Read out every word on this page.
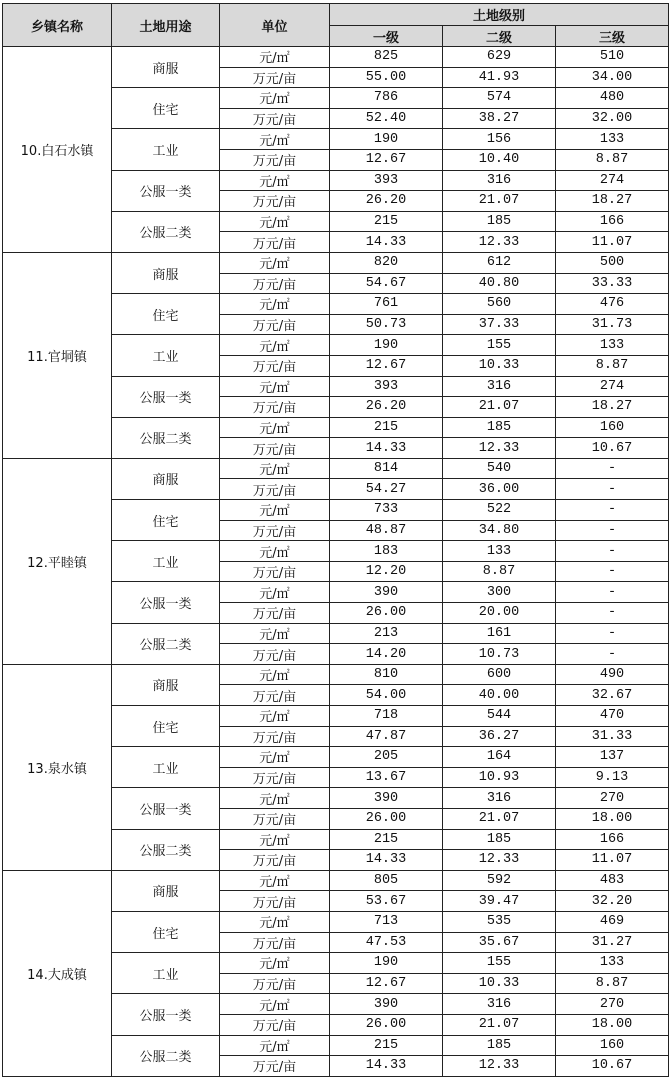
乡镇名称	土地用途	单位	土地级别		
			一级	二级	三级
10.白石水镇	商服	元/㎡	825	629	510
		万元/亩	55.00	41.93	34.00
	住宅	元/㎡	786	574	480
		万元/亩	52.40	38.27	32.00
	工业	元/㎡	190	156	133
		万元/亩	12.67	10.40	8.87
	公服一类	元/㎡	393	316	274
		万元/亩	26.20	21.07	18.27
	公服二类	元/㎡	215	185	166
		万元/亩	14.33	12.33	11.07
11.官垌镇	商服	元/㎡	820	612	500
		万元/亩	54.67	40.80	33.33
	住宅	元/㎡	761	560	476
		万元/亩	50.73	37.33	31.73
	工业	元/㎡	190	155	133
		万元/亩	12.67	10.33	8.87
	公服一类	元/㎡	393	316	274
		万元/亩	26.20	21.07	18.27
	公服二类	元/㎡	215	185	160
		万元/亩	14.33	12.33	10.67
12.平睦镇	商服	元/㎡	814	540	-
		万元/亩	54.27	36.00	-
	住宅	元/㎡	733	522	-
		万元/亩	48.87	34.80	-
	工业	元/㎡	183	133	-
		万元/亩	12.20	8.87	-
	公服一类	元/㎡	390	300	-
		万元/亩	26.00	20.00	-
	公服二类	元/㎡	213	161	-
		万元/亩	14.20	10.73	-
13.泉水镇	商服	元/㎡	810	600	490
		万元/亩	54.00	40.00	32.67
	住宅	元/㎡	718	544	470
		万元/亩	47.87	36.27	31.33
	工业	元/㎡	205	164	137
		万元/亩	13.67	10.93	9.13
	公服一类	元/㎡	390	316	270
		万元/亩	26.00	21.07	18.00
	公服二类	元/㎡	215	185	166
		万元/亩	14.33	12.33	11.07
14.大成镇	商服	元/㎡	805	592	483
		万元/亩	53.67	39.47	32.20
	住宅	元/㎡	713	535	469
		万元/亩	47.53	35.67	31.27
	工业	元/㎡	190	155	133
		万元/亩	12.67	10.33	8.87
	公服一类	元/㎡	390	316	270
		万元/亩	26.00	21.07	18.00
	公服二类	元/㎡	215	185	160
		万元/亩	14.33	12.33	10.67
